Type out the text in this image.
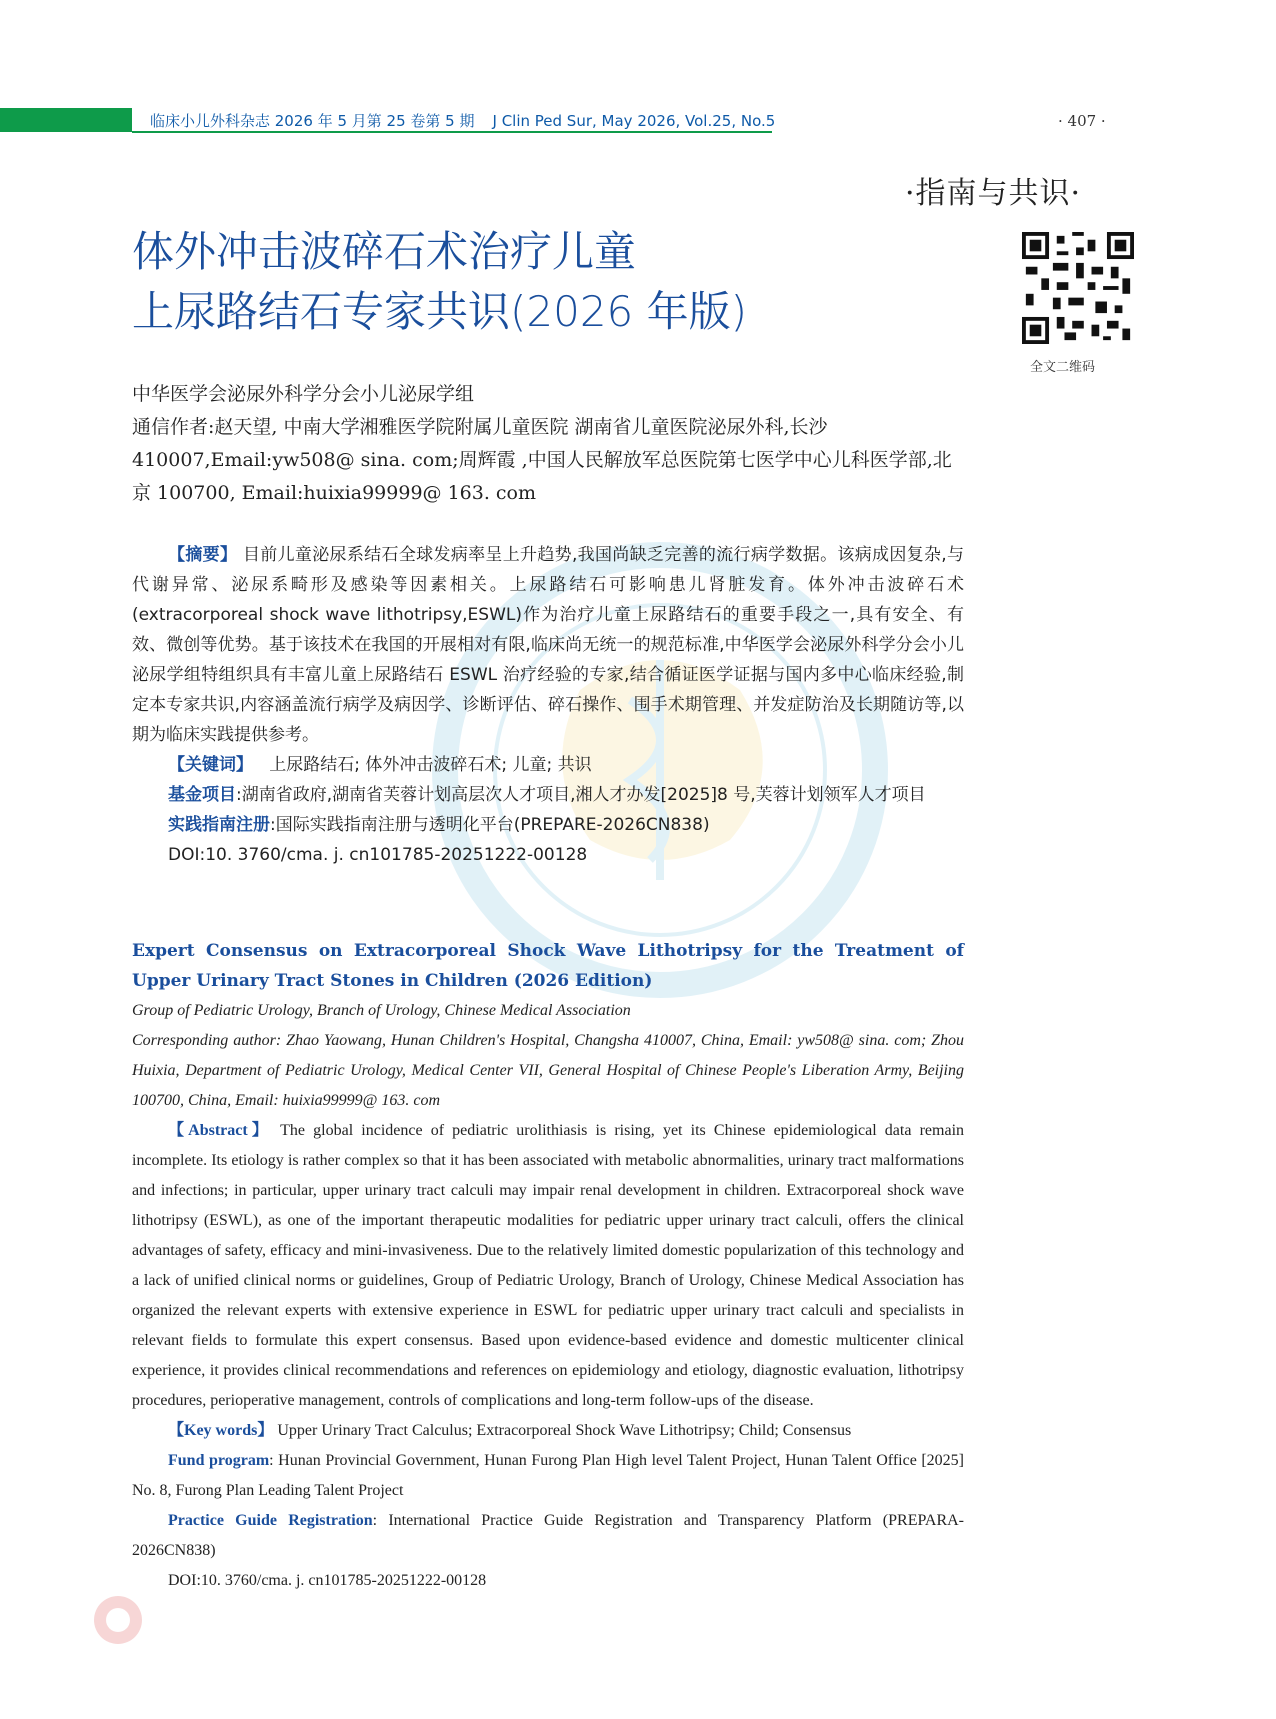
临床小儿外科杂志 2026 年 5 月第 25 卷第 5 期 J Clin Ped Sur, May 2026, Vol.25, No.5	· 407 ·
·指南与共识·
体外冲击波碎石术治疗儿童
上尿路结石专家共识(2026 年版)
全文二维码

中华医学会泌尿外科学分会小儿泌尿学组

通信作者:赵天望, 中南大学湘雅医学院附属儿童医院 湖南省儿童医院泌尿外科,长沙 410007,Email:yw508@ sina. com;周辉霞 ,中国人民解放军总医院第七医学中心儿科医学部,北京 100700, Email:huixia99999@ 163. com

【摘要】 目前儿童泌尿系结石全球发病率呈上升趋势,我国尚缺乏完善的流行病学数据。该病成因复杂,与代谢异常、泌尿系畸形及感染等因素相关。上尿路结石可影响患儿肾脏发育。体外冲击波碎石术(extracorporeal shock wave lithotripsy,ESWL)作为治疗儿童上尿路结石的重要手段之一,具有安全、有效、微创等优势。基于该技术在我国的开展相对有限,临床尚无统一的规范标准,中华医学会泌尿外科学分会小儿泌尿学组特组织具有丰富儿童上尿路结石 ESWL 治疗经验的专家,结合循证医学证据与国内多中心临床经验,制定本专家共识,内容涵盖流行病学及病因学、诊断评估、碎石操作、围手术期管理、并发症防治及长期随访等,以期为临床实践提供参考。

【关键词】 上尿路结石; 体外冲击波碎石术; 儿童; 共识

基金项目:湖南省政府,湖南省芙蓉计划高层次人才项目,湘人才办发[2025]8 号,芙蓉计划领军人才项目

实践指南注册:国际实践指南注册与透明化平台(PREPARE-2026CN838)

DOI:10. 3760/cma. j. cn101785-20251222-00128

Expert Consensus on Extracorporeal Shock Wave Lithotripsy for the Treatment of Upper Urinary Tract Stones in Children (2026 Edition)

Group of Pediatric Urology, Branch of Urology, Chinese Medical Association

Corresponding author: Zhao Yaowang, Hunan Children's Hospital, Changsha 410007, China, Email: yw508@ sina. com; Zhou Huixia, Department of Pediatric Urology, Medical Center VII, General Hospital of Chinese People's Liberation Army, Beijing 100700, China, Email: huixia99999@ 163. com

【Abstract】 The global incidence of pediatric urolithiasis is rising, yet its Chinese epidemiological data remain incomplete. Its etiology is rather complex so that it has been associated with metabolic abnormalities, urinary tract malformations and infections; in particular, upper urinary tract calculi may impair renal development in children. Extracorporeal shock wave lithotripsy (ESWL), as one of the important therapeutic modalities for pediatric upper urinary tract calculi, offers the clinical advantages of safety, efficacy and mini-invasiveness. Due to the relatively limited domestic popularization of this technology and a lack of unified clinical norms or guidelines, Group of Pediatric Urology, Branch of Urology, Chinese Medical Association has organized the relevant experts with extensive experience in ESWL for pediatric upper urinary tract calculi and specialists in relevant fields to formulate this expert consensus. Based upon evidence-based evidence and domestic multicenter clinical experience, it provides clinical recommendations and references on epidemiology and etiology, diagnostic evaluation, lithotripsy procedures, perioperative management, controls of complications and long-term follow-ups of the disease.

【Key words】 Upper Urinary Tract Calculus; Extracorporeal Shock Wave Lithotripsy; Child; Consensus

Fund program: Hunan Provincial Government, Hunan Furong Plan High level Talent Project, Hunan Talent Office [2025] No. 8, Furong Plan Leading Talent Project

Practice Guide Registration: International Practice Guide Registration and Transparency Platform (PREPARA-2026CN838)

DOI:10. 3760/cma. j. cn101785-20251222-00128
